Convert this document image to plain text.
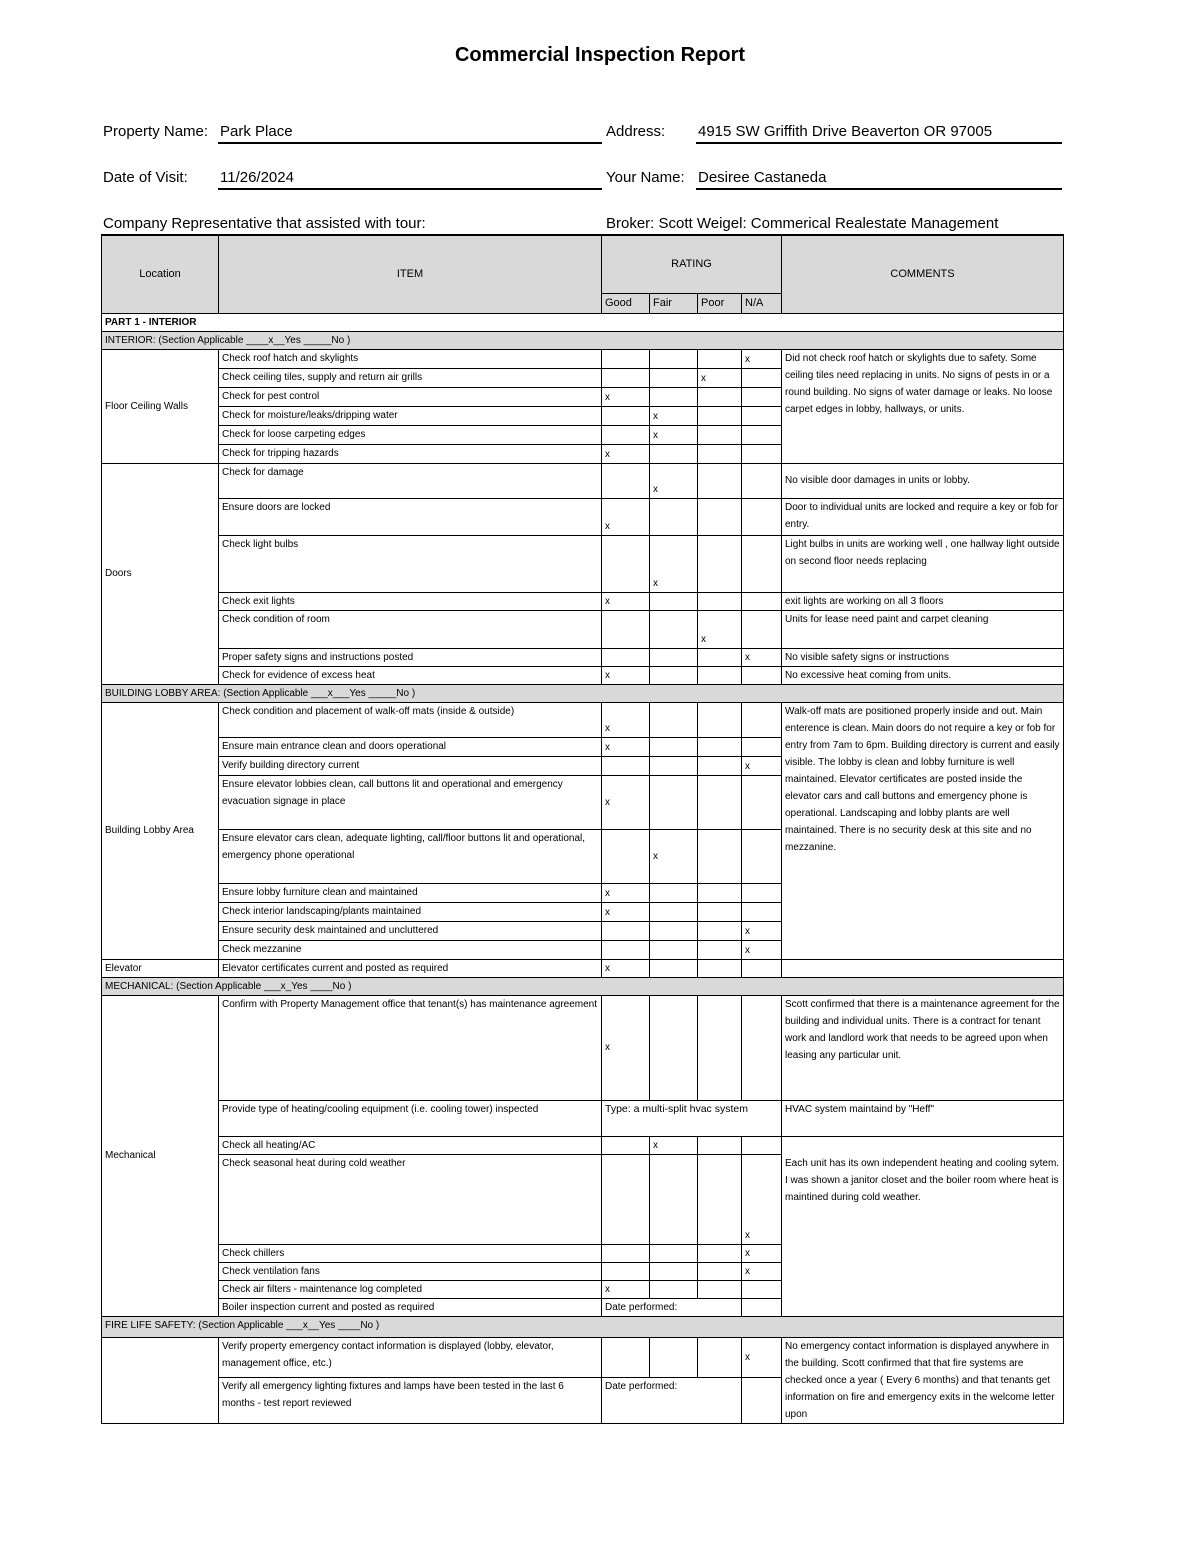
Commercial Inspection Report
Property Name: Park Place	Address: 4915 SW Griffith Drive Beaverton OR 97005
Date of Visit: 11/26/2024	Your Name: Desiree Castaneda
Company Representative that assisted with tour:	Broker: Scott Weigel: Commerical Realestate Management
Location	ITEM	RATING				COMMENTS
		Good	Fair	Poor	N/A	
PART 1 - INTERIOR						
INTERIOR: (Section Applicable ____x__Yes _____No )						
Floor Ceiling Walls	Check roof hatch and skylights				x	Did not check roof hatch or skylights due to safety. Some ceiling tiles need replacing in units. No signs of pests in or a round building. No signs of water damage or leaks. No loose carpet edges in lobby, hallways, or units.
	Check ceiling tiles, supply and return air grills			x		
	Check for pest control	x				
	Check for moisture/leaks/dripping water		x			
	Check for loose carpeting edges		x			
	Check for tripping hazards	x				
Doors	Check for damage		x			No visible door damages in units or lobby.
	Ensure doors are locked	x				Door to individual units are locked and require a key or fob for entry.
	Check light bulbs		x			Light bulbs in units are working well , one hallway light outside on second floor needs replacing
	Check exit lights	x				exit lights are working on all 3 floors
	Check condition of room			x		Units for lease need paint and carpet cleaning
	Proper safety signs and instructions posted				x	No visible safety signs or instructions
	Check for evidence of excess heat	x				No excessive heat coming from units.
BUILDING LOBBY AREA: (Section Applicable ___x___Yes _____No )						
Building Lobby Area	Check condition and placement of walk-off mats (inside & outside)	x				Walk-off mats are positioned properly inside and out. Main enterence is clean. Main doors do not require a key or fob for entry from 7am to 6pm. Building directory is current and easily visible. The lobby is clean and lobby furniture is well maintained. Elevator certificates are posted inside the elevator cars and call buttons and emergency phone is operational. Landscaping and lobby plants are well maintained. There is no security desk at this site and no mezzanine.
	Ensure main entrance clean and doors operational	x				
	Verify building directory current				x	
	Ensure elevator lobbies clean, call buttons lit and operational and emergency evacuation signage in place	x				
	Ensure elevator cars clean, adequate lighting, call/floor buttons lit and operational, emergency phone operational		x			
	Ensure lobby furniture clean and maintained	x				
	Check interior landscaping/plants maintained	x				
	Ensure security desk maintained and uncluttered				x	
	Check mezzanine				x	
Elevator	Elevator certificates current and posted as required	x				
MECHANICAL: (Section Applicable ___x_Yes ____No )						
Mechanical	Confirm with Property Management office that tenant(s) has maintenance agreement	x				Scott confirmed that there is a maintenance agreement for the building and individual units. There is a contract for tenant work and landlord work that needs to be agreed upon when leasing any particular unit.
	Provide type of heating/cooling equipment (i.e. cooling tower) inspected	Type: a multi-split hvac system				HVAC system maintaind by "Heff"
	Check all heating/AC		x			Each unit has its own independent heating and cooling sytem. I was shown a janitor closet and the boiler room where heat is maintined during cold weather.
	Check seasonal heat during cold weather				x	
	Check chillers				x	
	Check ventilation fans				x	
	Check air filters - maintenance log completed	x				
	Boiler inspection current and posted as required	Date performed:				
FIRE LIFE SAFETY: (Section Applicable ___x__Yes ____No )						
	Verify property emergency contact information is displayed (lobby, elevator, management office, etc.)				x	No emergency contact information is displayed anywhere in the building. Scott confirmed that that fire systems are checked once a year ( Every 6 months) and that tenants get information on fire and emergency exits in the welcome letter upon
	Verify all emergency lighting fixtures and lamps have been tested in the last 6 months - test report reviewed	Date performed:				
